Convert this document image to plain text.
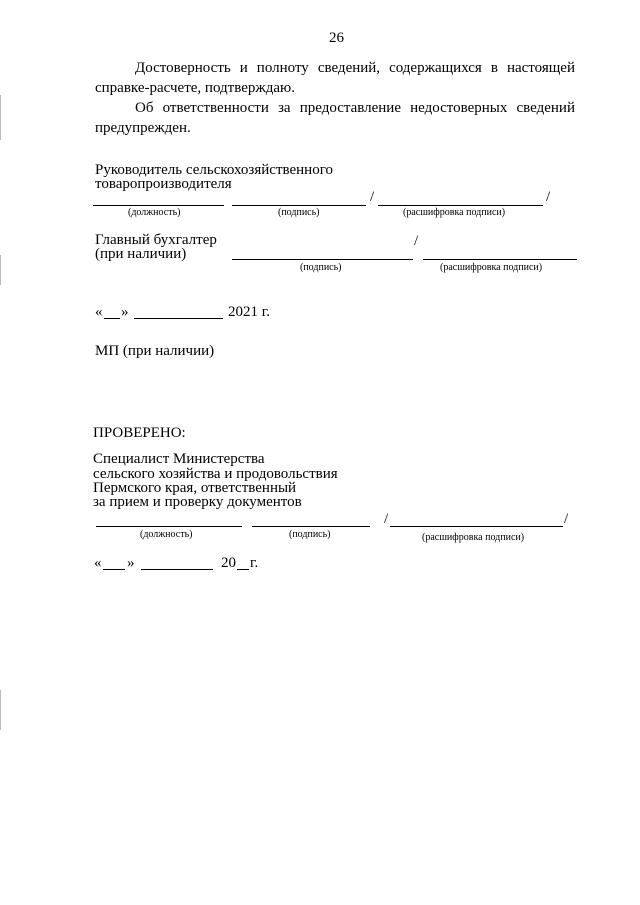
26
Достоверность и полноту сведений, содержащихся в настоящей справке-расчете, подтверждаю.
Об ответственности за предоставление недостоверных сведений предупрежден.
Руководитель сельскохозяйственного
товаропроизводителя
/	/
(должность)	(подпись)	(расшифровка подписи)
Главный бухгалтер
(при наличии)
/
(подпись)	(расшифровка подписи)
« »	2021 г.
МП (при наличии)
ПРОВЕРЕНО:
Специалист Министерства
сельского хозяйства и продовольствия
Пермского края, ответственный
за прием и проверку документов
/	/
(должность)	(подпись)	(расшифровка подписи)
« »	20 г.
